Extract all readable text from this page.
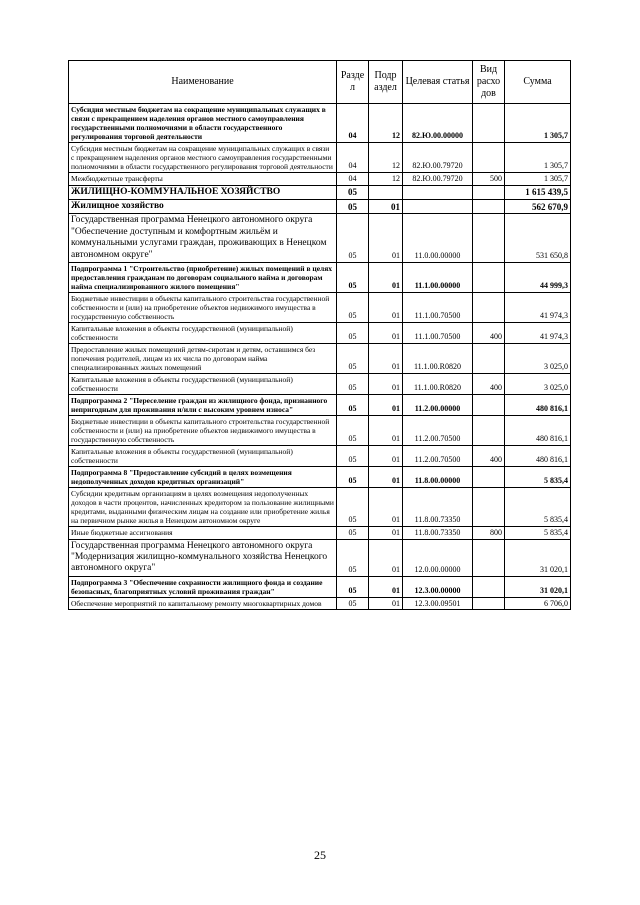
Наименование	Разде л	Подр аздел	Целевая статья	Вид расхо дов	Сумма
Субсидия местным бюджетам на сокращение муниципальных служащих в связи с прекращением наделения органов местного самоуправления государственными полномочиями в области государственного регулирования торговой деятельности	04	12	82.Ю.00.00000		1 305,7
Субсидия местным бюджетам на сокращение муниципальных служащих в связи с прекращением наделения органов местного самоуправления государственными полномочиями в области государственного регулирования торговой деятельности	04	12	82.Ю.00.79720		1 305,7
Межбюджетные трансферты	04	12	82.Ю.00.79720	500	1 305,7
ЖИЛИЩНО-КОММУНАЛЬНОЕ ХОЗЯЙСТВО	05				1 615 439,5
Жилищное хозяйство	05	01			562 670,9
Государственная программа Ненецкого автономного округа "Обеспечение доступным и комфортным жильём и коммунальными услугами граждан, проживающих в Ненецком автономном округе"	05	01	11.0.00.00000		531 650,8
Подпрограмма 1 "Строительство (приобретение) жилых помещений в целях предоставления гражданам по договорам социального найма и договорам найма специализированного жилого помещения"	05	01	11.1.00.00000		44 999,3
Бюджетные инвестиции в объекты капитального строительства государственной собственности и (или) на приобретение объектов недвижимого имущества в государственную собственность	05	01	11.1.00.70500		41 974,3
Капитальные вложения в объекты государственной (муниципальной) собственности	05	01	11.1.00.70500	400	41 974,3
Предоставление жилых помещений детям-сиротам и детям, оставшимся без попечения родителей, лицам из их числа по договорам найма специализированных жилых помещений	05	01	11.1.00.R0820		3 025,0
Капитальные вложения в объекты государственной (муниципальной) собственности	05	01	11.1.00.R0820	400	3 025,0
Подпрограмма 2 "Переселение граждан из жилищного фонда, признанного непригодным для проживания и/или с высоким уровнем износа"	05	01	11.2.00.00000		480 816,1
Бюджетные инвестиции в объекты капитального строительства государственной собственности и (или) на приобретение объектов недвижимого имущества в государственную собственность	05	01	11.2.00.70500		480 816,1
Капитальные вложения в объекты государственной (муниципальной) собственности	05	01	11.2.00.70500	400	480 816,1
Подпрограмма 8 "Предоставление субсидий в целях возмещения недополученных доходов кредитных организаций"	05	01	11.8.00.00000		5 835,4
Субсидии кредитным организациям в целях возмещения недополученных доходов в части процентов, начисленных кредитором за пользование жилищными кредитами, выданными физическим лицам на создание или приобретение жилья на первичном рынке жилья в Ненецком автономном округе	05	01	11.8.00.73350		5 835,4
Иные бюджетные ассигнования	05	01	11.8.00.73350	800	5 835,4
Государственная программа Ненецкого автономного округа "Модернизация жилищно-коммунального хозяйства Ненецкого автономного округа"	05	01	12.0.00.00000		31 020,1
Подпрограмма 3 "Обеспечение сохранности жилищного фонда и создание безопасных, благоприятных условий проживания граждан"	05	01	12.3.00.00000		31 020,1
Обеспечение мероприятий по капитальному ремонту многоквартирных домов	05	01	12.3.00.09501		6 706,0
25
